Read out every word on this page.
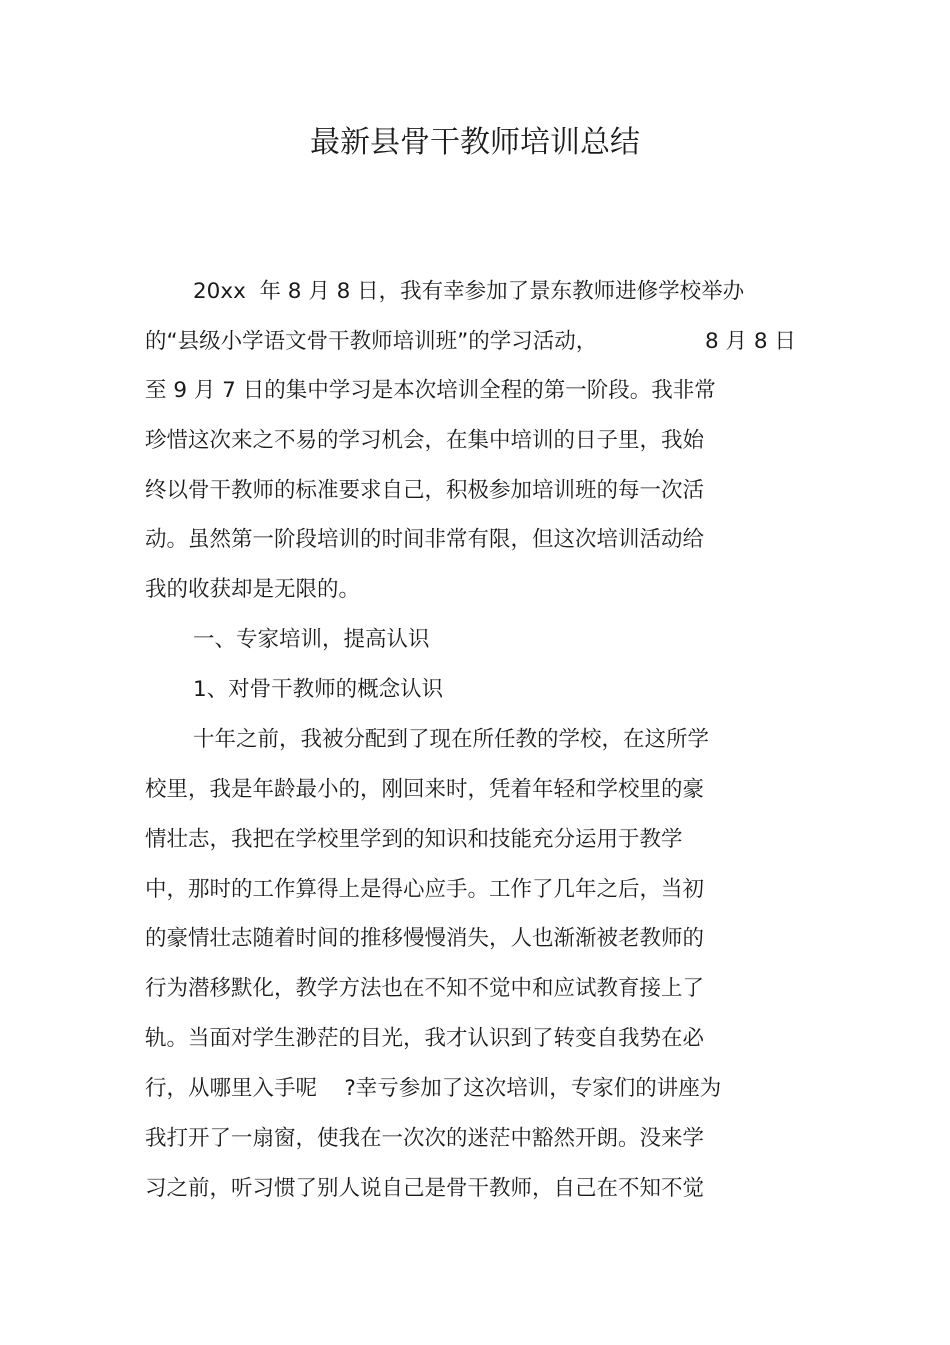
最新县骨干教师培训总结
20xx  年 8 月 8 日，我有幸参加了景东教师进修学校举办
的“县级小学语文骨干教师培训班”的学习活动，	8 月 8 日
至 9 月 7 日的集中学习是本次培训全程的第一阶段。我非常
珍惜这次来之不易的学习机会，在集中培训的日子里，我始
终以骨干教师的标准要求自己，积极参加培训班的每一次活
动。虽然第一阶段培训的时间非常有限，但这次培训活动给
我的收获却是无限的。
一、专家培训，提高认识
1、对骨干教师的概念认识
十年之前，我被分配到了现在所任教的学校，在这所学
校里，我是年龄最小的，刚回来时，凭着年轻和学校里的豪
情壮志，我把在学校里学到的知识和技能充分运用于教学
中，那时的工作算得上是得心应手。工作了几年之后，当初
的豪情壮志随着时间的推移慢慢消失，人也渐渐被老教师的
行为潜移默化，教学方法也在不知不觉中和应试教育接上了
轨。当面对学生渺茫的目光，我才认识到了转变自我势在必
行，从哪里入手呢    ?幸亏参加了这次培训，专家们的讲座为
我打开了一扇窗，使我在一次次的迷茫中豁然开朗。没来学
习之前，听习惯了别人说自己是骨干教师，自己在不知不觉
